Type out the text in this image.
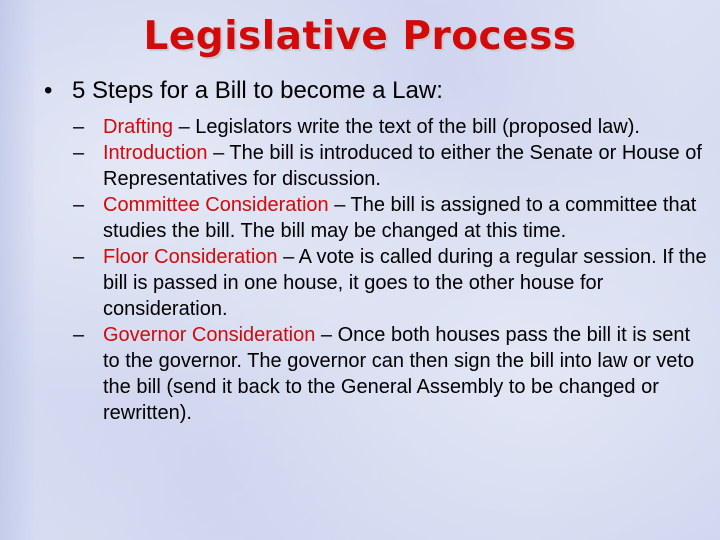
Legislative Process

• 5 Steps for a Bill to become a Law:

– Drafting – Legislators write the text of the bill (proposed law).
– Introduction – The bill is introduced to either the Senate or House of Representatives for discussion.
– Committee Consideration – The bill is assigned to a committee that studies the bill. The bill may be changed at this time.
– Floor Consideration – A vote is called during a regular session. If the bill is passed in one house, it goes to the other house for consideration.
– Governor Consideration – Once both houses pass the bill it is sent to the governor. The governor can then sign the bill into law or veto the bill (send it back to the General Assembly to be changed or rewritten).
